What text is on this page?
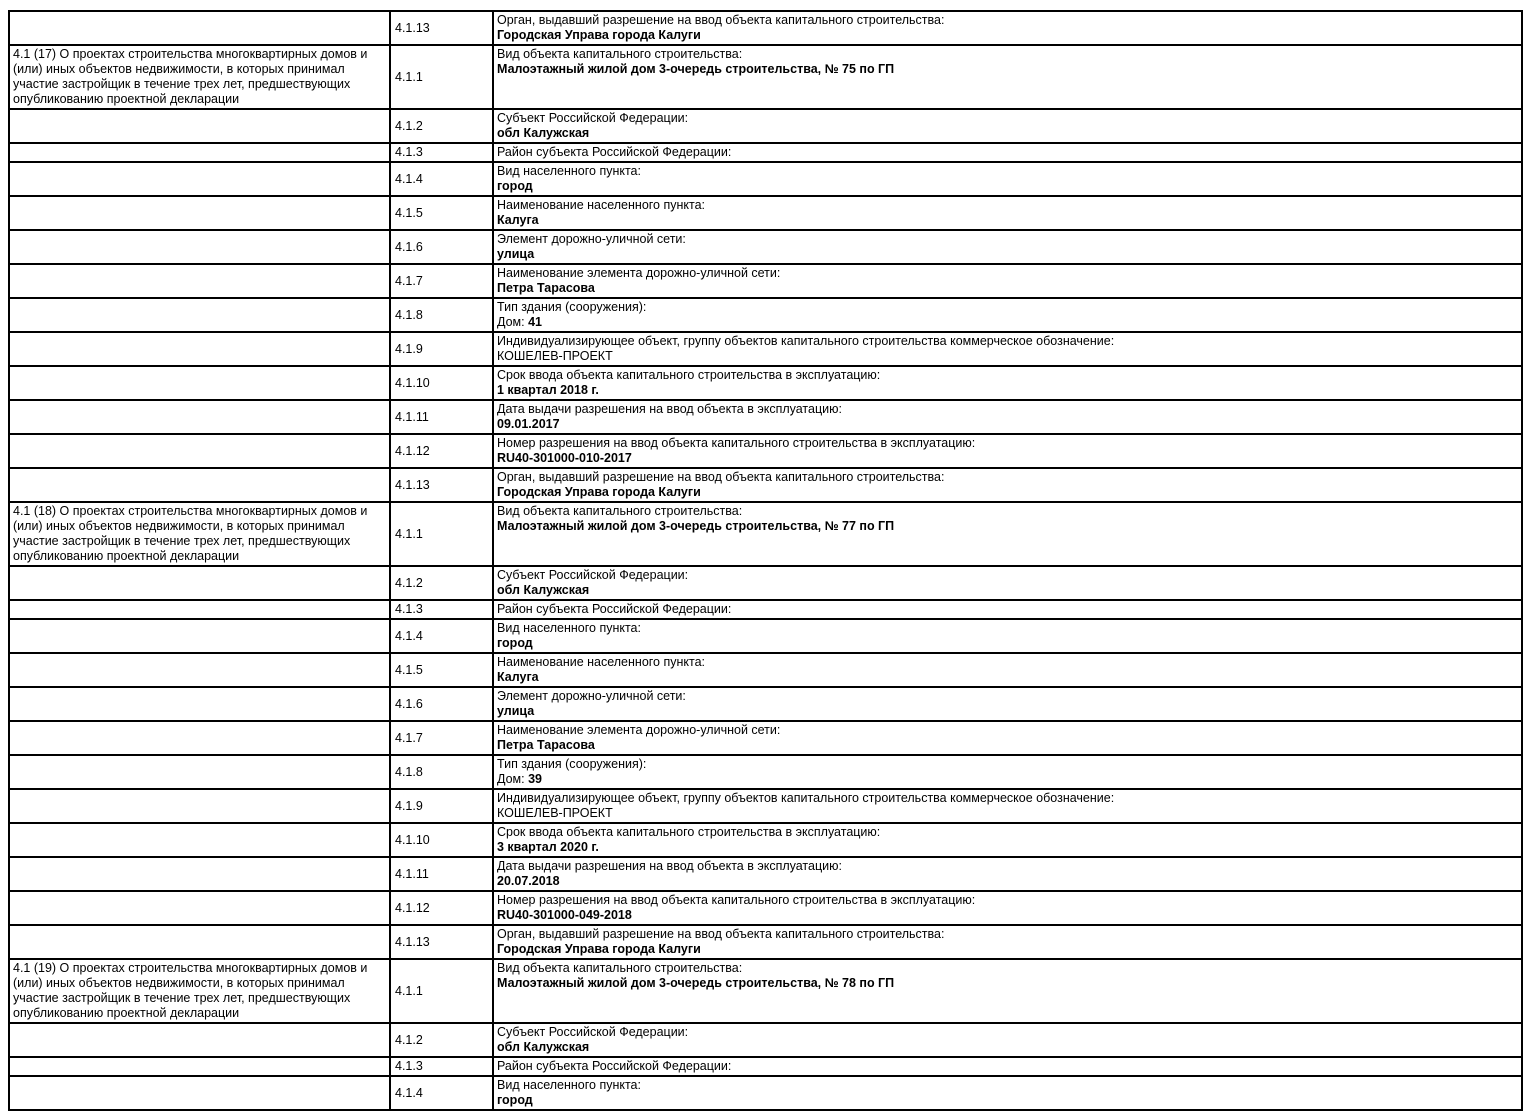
	4.1.13	Орган, выдавший разрешение на ввод объекта капитального строительства:
Городская Управа города Калуги

4.1 (17) О проектах строительства многоквартирных домов и (или) иных объектов недвижимости, в которых принимал участие застройщик в течение трех лет, предшествующих опубликованию проектной декларации	4.1.1	Вид объекта капитального строительства:
Малоэтажный жилой дом 3-очередь строительства, № 75 по ГП

	4.1.2	Субъект Российской Федерации:
обл Калужская

	4.1.3	Район субъекта Российской Федерации:

	4.1.4	Вид населенного пункта:
город

	4.1.5	Наименование населенного пункта:
Калуга

	4.1.6	Элемент дорожно-уличной сети:
улица

	4.1.7	Наименование элемента дорожно-уличной сети:
Петра Тарасова

	4.1.8	Тип здания (сооружения):
Дом: 41

	4.1.9	Индивидуализирующее объект, группу объектов капитального строительства коммерческое обозначение:
КОШЕЛЕВ-ПРОЕКТ

	4.1.10	Срок ввода объекта капитального строительства в эксплуатацию:
1 квартал 2018 г.

	4.1.11	Дата выдачи разрешения на ввод объекта в эксплуатацию:
09.01.2017

	4.1.12	Номер разрешения на ввод объекта капитального строительства в эксплуатацию:
RU40-301000-010-2017

	4.1.13	Орган, выдавший разрешение на ввод объекта капитального строительства:
Городская Управа города Калуги

4.1 (18) О проектах строительства многоквартирных домов и (или) иных объектов недвижимости, в которых принимал участие застройщик в течение трех лет, предшествующих опубликованию проектной декларации	4.1.1	Вид объекта капитального строительства:
Малоэтажный жилой дом 3-очередь строительства, № 77 по ГП

	4.1.2	Субъект Российской Федерации:
обл Калужская

	4.1.3	Район субъекта Российской Федерации:

	4.1.4	Вид населенного пункта:
город

	4.1.5	Наименование населенного пункта:
Калуга

	4.1.6	Элемент дорожно-уличной сети:
улица

	4.1.7	Наименование элемента дорожно-уличной сети:
Петра Тарасова

	4.1.8	Тип здания (сооружения):
Дом: 39

	4.1.9	Индивидуализирующее объект, группу объектов капитального строительства коммерческое обозначение:
КОШЕЛЕВ-ПРОЕКТ

	4.1.10	Срок ввода объекта капитального строительства в эксплуатацию:
3 квартал 2020 г.

	4.1.11	Дата выдачи разрешения на ввод объекта в эксплуатацию:
20.07.2018

	4.1.12	Номер разрешения на ввод объекта капитального строительства в эксплуатацию:
RU40-301000-049-2018

	4.1.13	Орган, выдавший разрешение на ввод объекта капитального строительства:
Городская Управа города Калуги

4.1 (19) О проектах строительства многоквартирных домов и (или) иных объектов недвижимости, в которых принимал участие застройщик в течение трех лет, предшествующих опубликованию проектной декларации	4.1.1	Вид объекта капитального строительства:
Малоэтажный жилой дом 3-очередь строительства, № 78 по ГП

	4.1.2	Субъект Российской Федерации:
обл Калужская

	4.1.3	Район субъекта Российской Федерации:

	4.1.4	Вид населенного пункта:
город
